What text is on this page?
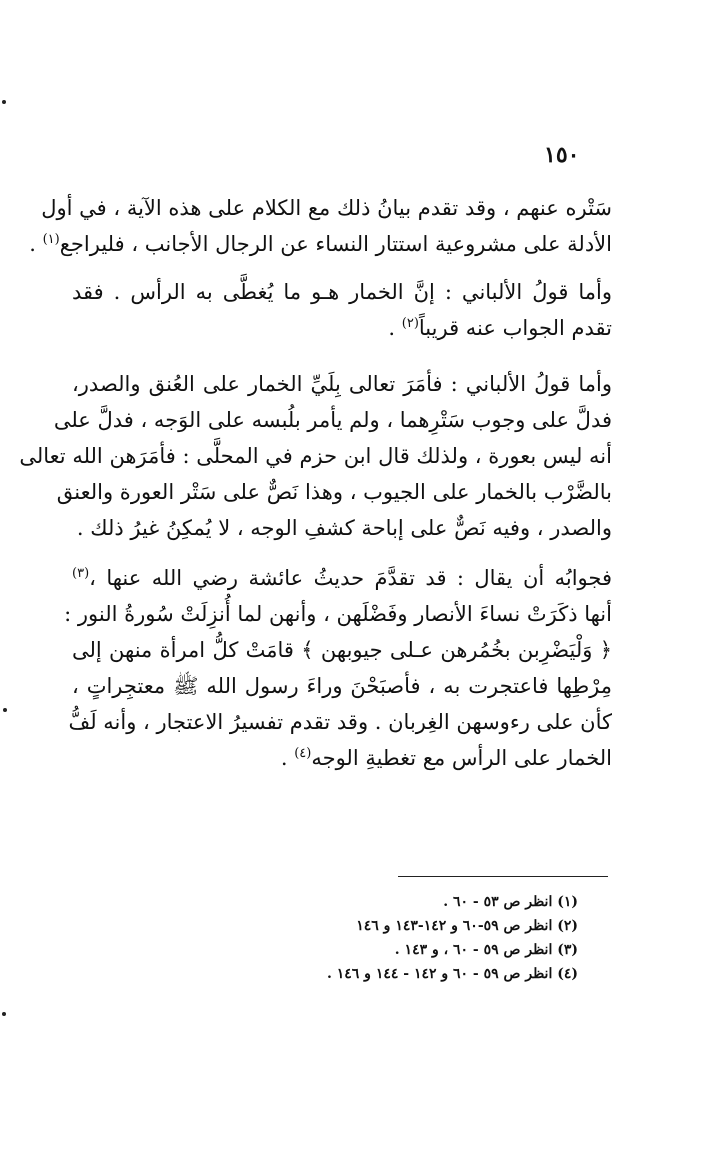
١٥٠
سَتْره عنهم ، وقد تقدم بيانُ ذلك مع الكلام على هذه الآية ، في أول
الأدلة على مشروعية استتار النساء عن الرجال الأجانب ، فليراجع$^{(١)}$ .
وأما قولُ الألباني : إنَّ الخمار هـو ما يُغطَّى به الرأس . فقد
تقدم الجواب عنه قريباً$^{(٢)}$ .
وأما قولُ الألباني : فأمَرَ تعالى بِلَيِّ الخمار على العُنق والصدر،
فدلَّ على وجوب سَتْرِهما ، ولم يأمر بلُبسه على الوَجه ، فدلَّ على
أنه ليس بعورة ، ولذلك قال ابن حزم في المحلَّى : فأمَرَهن الله تعالى
بالضَّرْب بالخمار على الجيوب ، وهذا نَصٌّ على سَتْر العورة والعنق
والصدر ، وفيه نَصٌّ على إباحة كشفِ الوجه ، لا يُمكِنُ غيرُ ذلك .
فجوابُه أن يقال : قد تقدَّمَ حديثُ عائشة رضي الله عنها ،$^{(٣)}$
أنها ذكَرَتْ نساءَ الأنصار وفَضْلَهن ، وأنهن لما أُنزِلَتْ سُورةُ النور :
﴿ وَلْيَضْرِبن بخُمُرهن عـلى جيوبهن ﴾ قامَتْ كلُّ امرأة منهن إلى
مِرْطِها فاعتجرت به ، فأصبَحْنَ وراءَ رسول الله ﷺ معتجِراتٍ ،
كأن على رءوسهن الغِربان . وقد تقدم تفسيرُ الاعتجار ، وأنه لَفُّ
الخمار على الرأس مع تغطيةِ الوجه$^{(٤)}$ .
(١) انظر ص ٥٣ - ٦٠ .
(٢) انظر ص ٥٩-٦٠ و ١٤٢-١٤٣ و ١٤٦
(٣) انظر ص ٥٩ - ٦٠ ، و ١٤٣ .
(٤) انظر ص ٥٩ - ٦٠ و ١٤٢ - ١٤٤ و ١٤٦ .
